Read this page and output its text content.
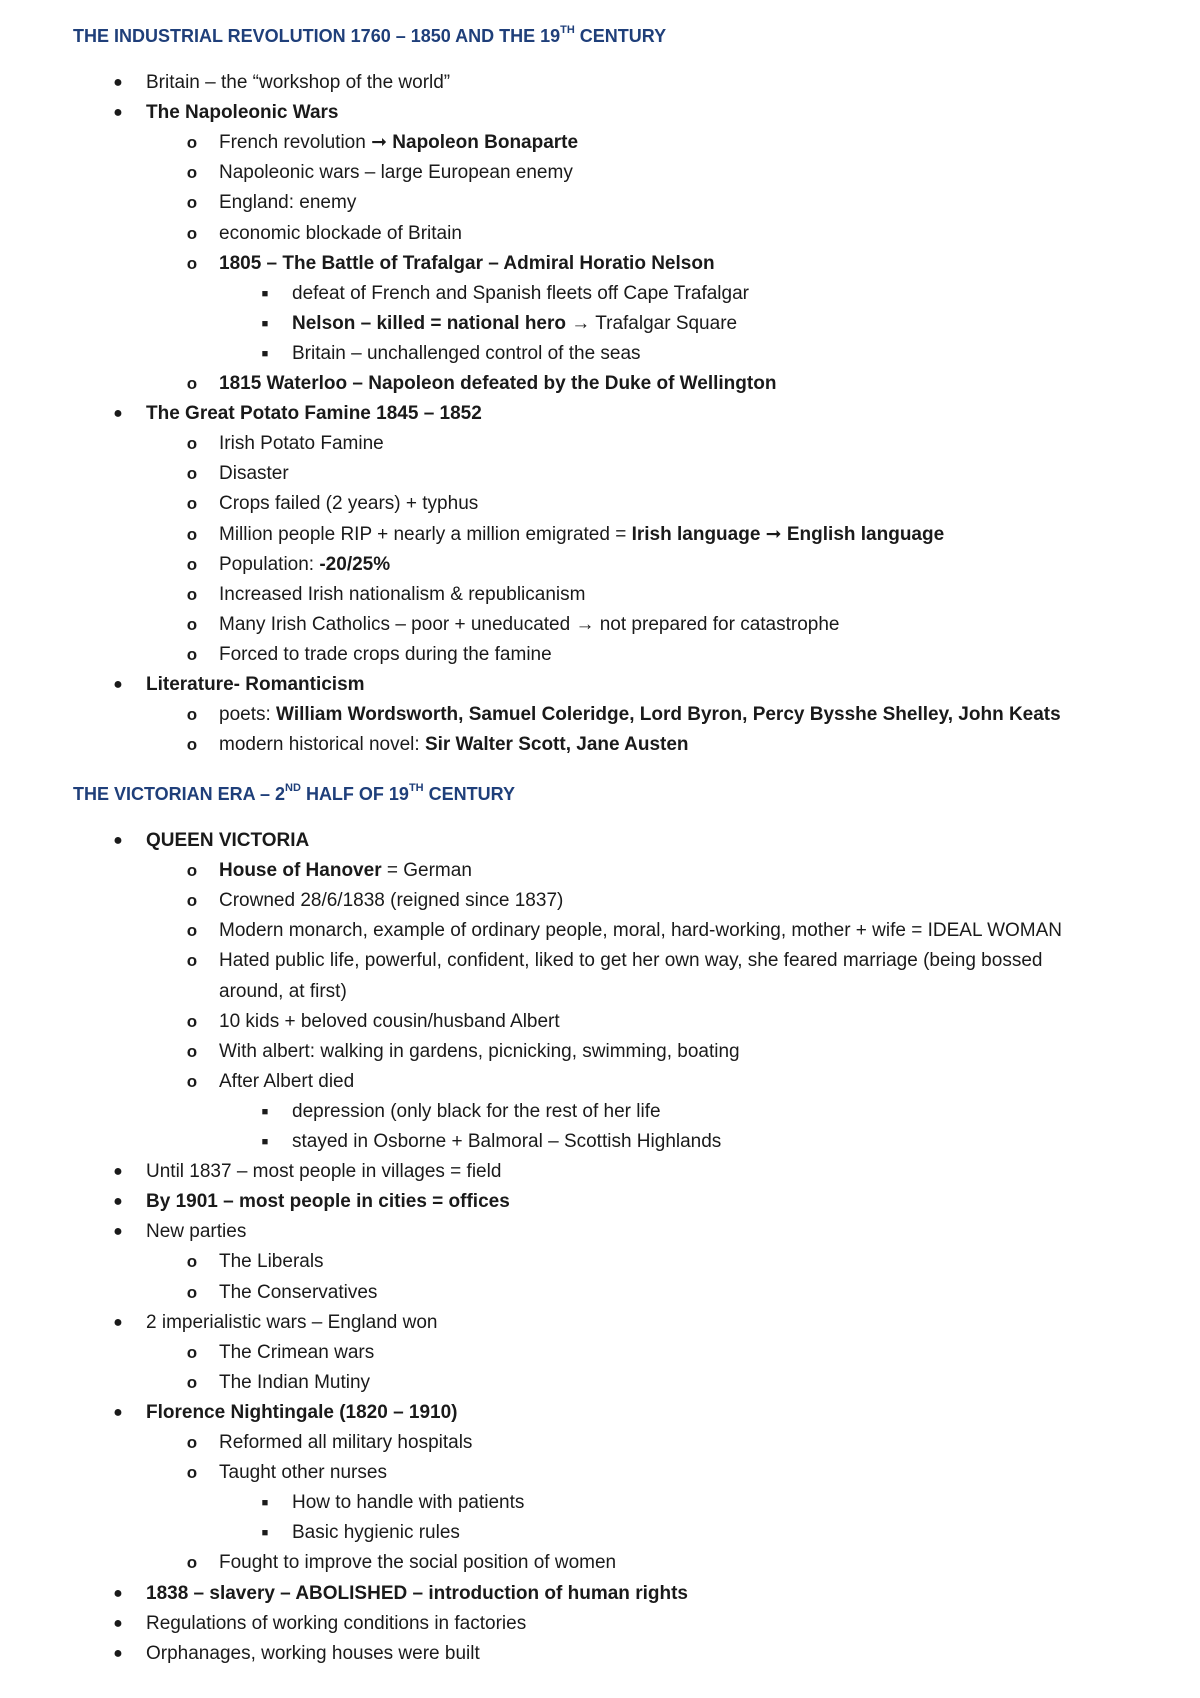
THE INDUSTRIAL REVOLUTION 1760 – 1850 AND THE 19TH CENTURY
● Britain – the “workshop of the world”
● The Napoleonic Wars
o French revolution ➞ Napoleon Bonaparte
o Napoleonic wars – large European enemy
o England: enemy
o economic blockade of Britain
o 1805 – The Battle of Trafalgar – Admiral Horatio Nelson
■	defeat of French and Spanish fleets off Cape Trafalgar
■	Nelson – killed = national hero → Trafalgar Square
■	Britain – unchallenged control of the seas
o 1815 Waterloo – Napoleon defeated by the Duke of Wellington
● The Great Potato Famine 1845 – 1852
o Irish Potato Famine
o Disaster
o Crops failed (2 years) + typhus
o Million people RIP + nearly a million emigrated = Irish language ➞ English language
o Population: -20/25%
o Increased Irish nationalism & republicanism
o Many Irish Catholics – poor + uneducated → not prepared for catastrophe
o Forced to trade crops during the famine
● Literature- Romanticism
o poets: William Wordsworth, Samuel Coleridge, Lord Byron, Percy Bysshe Shelley, John Keats
o modern historical novel: Sir Walter Scott, Jane Austen
THE VICTORIAN ERA – 2ND HALF OF 19TH CENTURY
● QUEEN VICTORIA
o House of Hanover = German
o Crowned 28/6/1838 (reigned since 1837)
o Modern monarch, example of ordinary people, moral, hard-working, mother + wife = IDEAL WOMAN
o Hated public life, powerful, confident, liked to get her own way, she feared marriage (being bossed
around, at first)
o 10 kids + beloved cousin/husband Albert
o With albert: walking in gardens, picnicking, swimming, boating
o After Albert died
■	depression (only black for the rest of her life
■	stayed in Osborne + Balmoral – Scottish Highlands
● Until 1837 – most people in villages = field
● By 1901 – most people in cities = offices
● New parties
o The Liberals
o The Conservatives
● 2 imperialistic wars – England won
o The Crimean wars
o The Indian Mutiny
● Florence Nightingale (1820 – 1910)
o Reformed all military hospitals
o Taught other nurses
■	How to handle with patients
■	Basic hygienic rules
o Fought to improve the social position of women
● 1838 – slavery – ABOLISHED – introduction of human rights
● Regulations of working conditions in factories
● Orphanages, working houses were built
